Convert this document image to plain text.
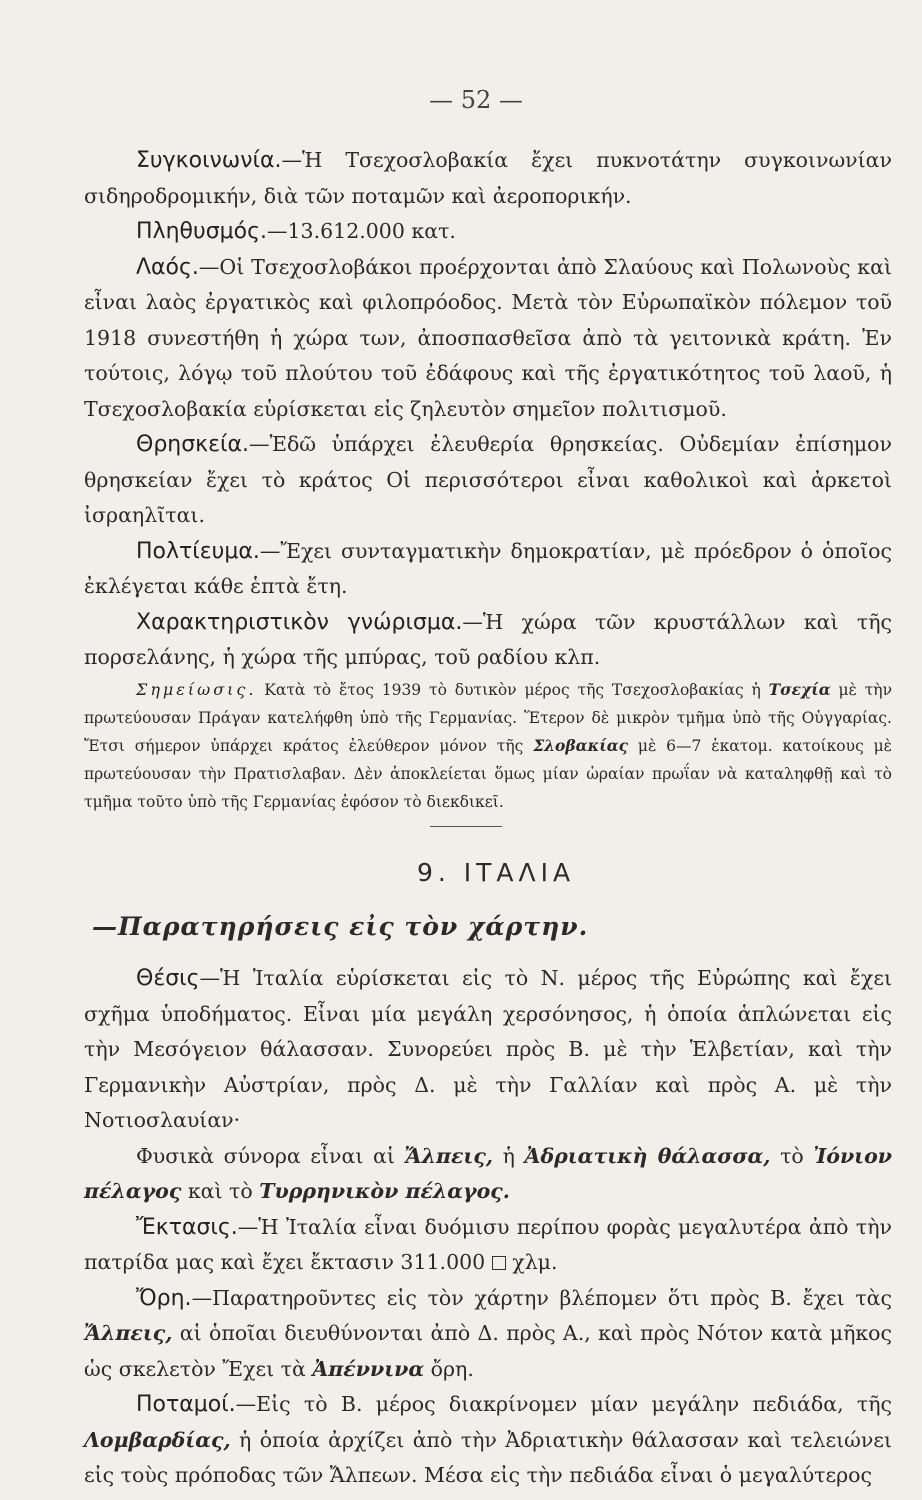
— 52 —

Συγκοινωνία.—Ἡ Τσεχοσλοβακία ἔχει πυκνοτάτην συγκοινωνίαν σιδηροδρομικήν, διὰ τῶν ποταμῶν καὶ ἀεροπορικήν.

Πληθυσμός.—13.612.000 κατ.

Λαός.—Οἱ Τσεχοσλοβάκοι προέρχονται ἀπὸ Σλαύους καὶ Πολωνοὺς καὶ εἶναι λαὸς ἐργατικὸς καὶ φιλοπρόοδος. Μετὰ τὸν Εὐρωπαϊκὸν πόλεμον τοῦ 1918 συνεστήθη ἡ χώρα των, ἀποσπασθεῖσα ἀπὸ τὰ γειτονικὰ κράτη. Ἐν τούτοις, λόγῳ τοῦ πλούτου τοῦ ἐδάφους καὶ τῆς ἐργατικότητος τοῦ λαοῦ, ἡ Τσεχοσλοβακία εὑρίσκεται εἰς ζηλευτὸν σημεῖον πολιτισμοῦ.

Θρησκεία.—Ἐδῶ ὑπάρχει ἐλευθερία θρησκείας. Οὐδεμίαν ἐπίσημον θρησκείαν ἔχει τὸ κράτος Οἱ περισσότεροι εἶναι καθολικοὶ καὶ ἀρκετοὶ ἰσραηλῖται.

Πολτίευμα.—Ἔχει συνταγματικὴν δημοκρατίαν, μὲ πρόεδρον ὁ ὁποῖος ἐκλέγεται κάθε ἑπτὰ ἔτη.

Χαρακτηριστικὸν γνώρισμα.—Ἡ χώρα τῶν κρυστάλλων καὶ τῆς πορσελάνης, ἡ χώρα τῆς μπύρας, τοῦ ραδίου κλπ.

Σημείωσις. Κατὰ τὸ ἔτος 1939 τὸ δυτικὸν μέρος τῆς Τσεχοσλοβακίας ἡ Τσεχία μὲ τὴν πρωτεύουσαν Πράγαν κατελήφθη ὑπὸ τῆς Γερμανίας. Ἕτερον δὲ μικρὸν τμῆμα ὑπὸ τῆς Οὑγγαρίας. Ἔτσι σήμερον ὑπάρχει κράτος ἐλεύθερον μόνον τῆς Σλοβακίας μὲ 6—7 ἑκατομ. κατοίκους μὲ πρωτεύουσαν τὴν Πρατισλαβαν. Δὲν ἀποκλείεται ὅμως μίαν ὡραίαν πρωΐαν νὰ καταληφθῇ καὶ τὸ τμῆμα τοῦτο ὑπὸ τῆς Γερμανίας ἐφόσον τὸ διεκδικεῖ.

9. ΙΤΑΛΙΑ
—Παρατηρήσεις εἰς τὸν χάρτην.

Θέσις—Ἡ Ἰταλία εὑρίσκεται εἰς τὸ Ν. μέρος τῆς Εὐρώπης καὶ ἔχει σχῆμα ὑποδήματος. Εἶναι μία μεγάλη χερσόνησος, ἡ ὁποία ἁπλώνεται εἰς τὴν Μεσόγειον θάλασσαν. Συνορεύει πρὸς Β. μὲ τὴν Ἑλβετίαν, καὶ τὴν Γερμανικὴν Αὐστρίαν, πρὸς Δ. μὲ τὴν Γαλλίαν καὶ πρὸς Α. μὲ τὴν Νοτιοσλαυίαν·

Φυσικὰ σύνορα εἶναι αἱ Ἄλπεις, ἡ Ἀδριατικὴ θάλασσα, τὸ Ἰόνιον πέλαγος καὶ τὸ Τυρρηνικὸν πέλαγος.

Ἔκτασις.—Ἡ Ἰταλία εἶναι δυόμισυ περίπου φορὰς μεγαλυτέρα ἀπὸ τὴν πατρίδα μας καὶ ἔχει ἔκτασιν 311.000 χλμ.

Ὄρη.—Παρατηροῦντες εἰς τὸν χάρτην βλέπομεν ὅτι πρὸς Β. ἔχει τὰς Ἄλπεις, αἱ ὁποῖαι διευθύνονται ἀπὸ Δ. πρὸς Α., καὶ πρὸς Νότον κατὰ μῆκος ὡς σκελετὸν Ἔχει τὰ Ἀπέννινα ὄρη.

Ποταμοί.—Εἰς τὸ Β. μέρος διακρίνομεν μίαν μεγάλην πεδιάδα, τῆς Λομβαρδίας, ἡ ὁποία ἀρχίζει ἀπὸ τὴν Ἀδριατικὴν θάλασσαν καὶ τελειώνει εἰς τοὺς πρόποδας τῶν Ἄλπεων. Μέσα εἰς τὴν πεδιάδα εἶναι ὁ μεγαλύτερος
